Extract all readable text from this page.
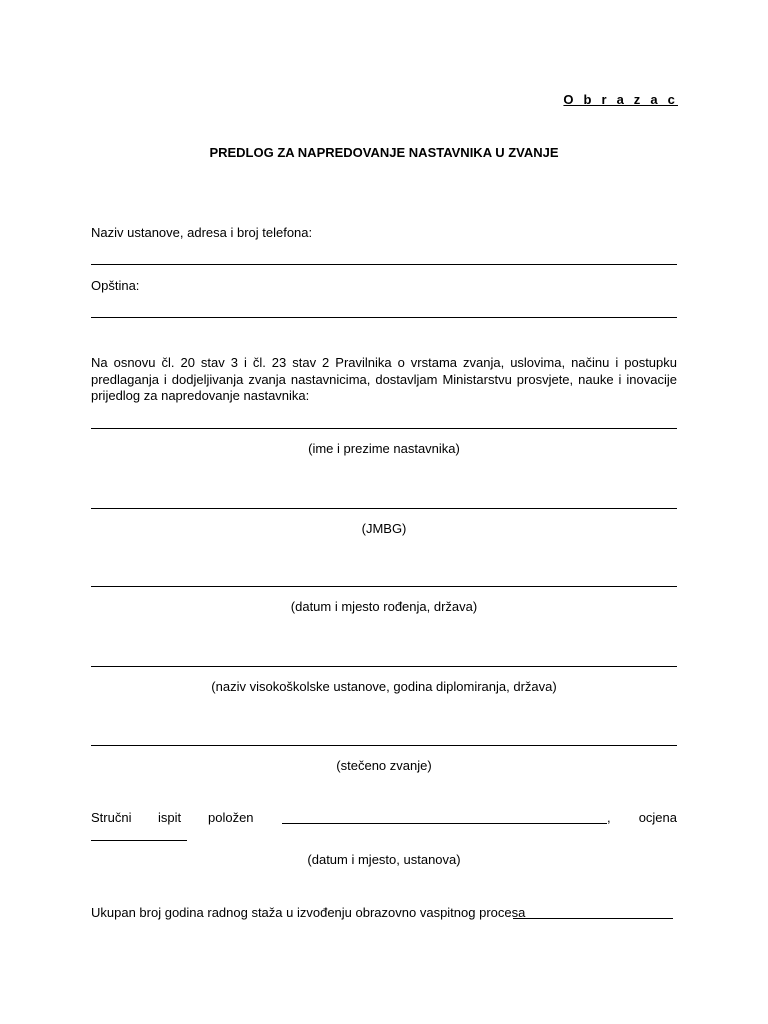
O b r a z a c
PREDLOG ZA NAPREDOVANJE NASTAVNIKA U ZVANJE
Naziv ustanove, adresa i broj telefona:
Opština:
Na osnovu čl. 20 stav 3 i čl. 23 stav 2 Pravilnika o vrstama zvanja, uslovima, načinu i postupku predlaganja i dodjeljivanja zvanja nastavnicima, dostavljam Ministarstvu prosvjete, nauke i inovacije prijedlog za napredovanje nastavnika:
(ime i prezime nastavnika)
(JMBG)
(datum i mjesto rođenja, država)
(naziv visokoškolske ustanove, godina diplomiranja, država)
(stečeno zvanje)
Stručni ispit položen	, ocjena
(datum i mjesto, ustanova)
Ukupan broj godina radnog staža u izvođenju obrazovno vaspitnog procesa
